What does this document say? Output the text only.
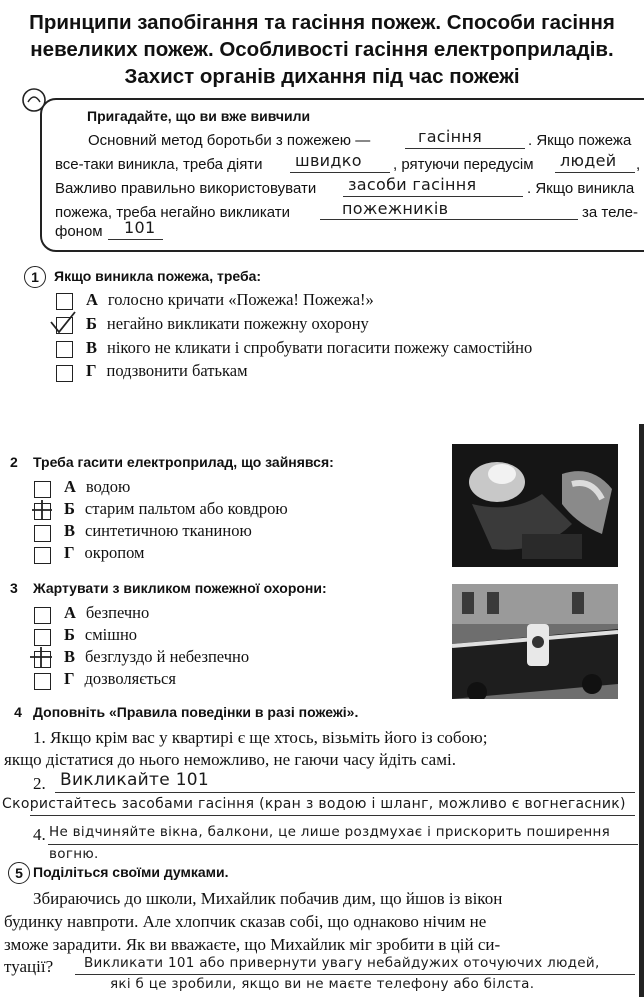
Принципи запобігання та гасіння пожеж. Способи гасіння
невеликих пожеж. Особливості гасіння електроприладів.
Захист органів дихання під час пожежі
Пригадайте, що ви вже вивчили
Основний метод боротьби з пожежею —	гасіння	. Якщо пожежа
все-таки виникла, треба діяти швидко , рятуючи передусім людей ,
Важливо правильно використовувати засоби гасіння	. Якщо виникла
пожежа, треба негайно викликати	пожежників	за теле-
фоном 101
1	Якщо виникла пожежа, треба:
А голосно кричати «Пожежа! Пожежа!»
Б негайно викликати пожежну охорону
В нікого не кликати і спробувати погасити пожежу самостійно
Г подзвонити батькам
2 Треба гасити електроприлад, що зайнявся:
А водою
Б старим пальтом або ковдрою
В синтетичною тканиною
Г окропом
3 Жартувати з викликом пожежної охорони:
А безпечно
Б смішно
В безглуздо й небезпечно
Г дозволяється
4 Доповніть «Правила поведінки в разі пожежі».
1. Якщо крім вас у квартирі є ще хтось, візьміть його із собою;
якщо дістатися до нього неможливо, не гаючи часу йдіть самі.
2. Викликайте 101
Скористайтесь засобами гасіння (кран з водою і шланг, можливо є вогнегасник)
4. Не відчиняйте вікна, балкони, це лише роздмухає і прискорить поширення
вогню.
5 Поділіться своїми думками.
Збираючись до школи, Михайлик побачив дим, що йшов із вікон
будинку навпроти. Але хлопчик сказав собі, що однаково нічим не
зможе зарадити. Як ви вважаєте, що Михайлик міг зробити в цій си-
туації? Викликати 101 або привернути увагу небайдужих оточуючих людей,
які б це зробили, якщо ви не маєте телефону або білста.
